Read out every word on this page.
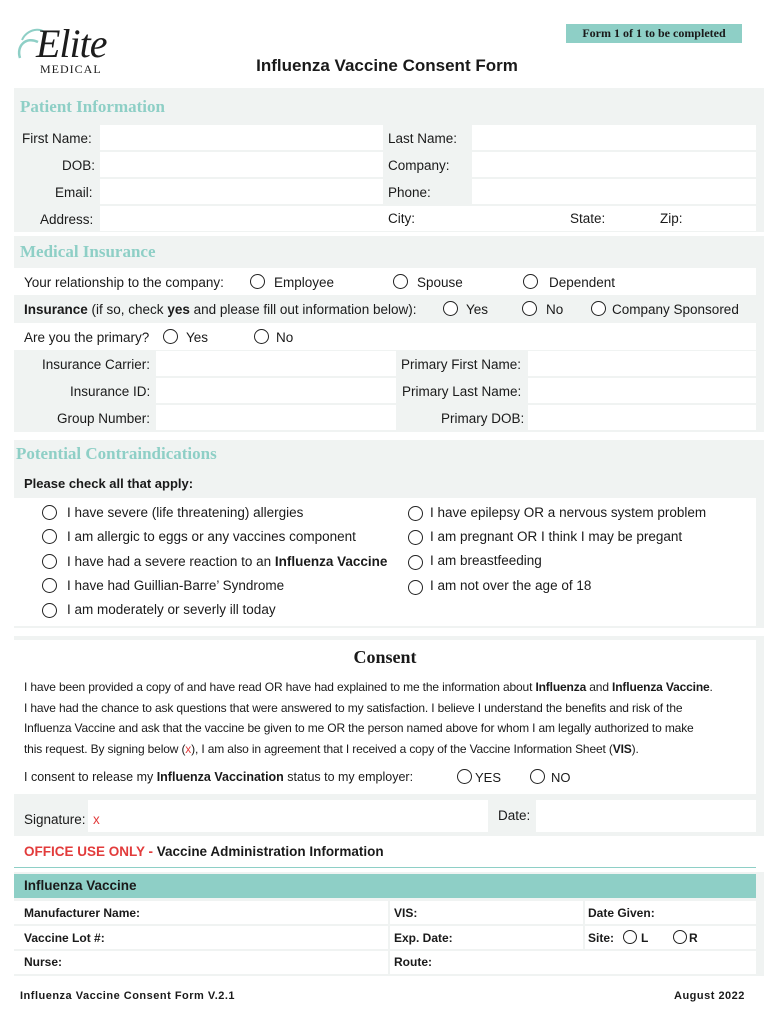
Elite
MEDICAL
Form 1 of 1 to be completed
Influenza Vaccine Consent Form
Patient Information
First Name:	Last Name:
DOB:	Company:
Email:	Phone:
Address:	City:	State:	Zip:
Medical Insurance
Your relationship to the company:	Employee	Spouse	Dependent
Insurance (if so, check yes and please fill out information below):	Yes	No	Company Sponsored
Are you the primary?	Yes	No
Insurance Carrier:	Primary First Name:
Insurance ID:	Primary Last Name:
Group Number:	Primary DOB:
Potential Contraindications
Please check all that apply:
I have severe (life threatening) allergies
I am allergic to eggs or any vaccines component
I have had a severe reaction to an Influenza Vaccine
I have had Guillian-Barre’ Syndrome
I am moderately or severly ill today
I have epilepsy OR a nervous system problem
I am pregnant OR I think I may be pregant
I am breastfeeding
I am not over the age of 18
Consent
I have been provided a copy of and have read OR have had explained to me the information about Influenza and Influenza Vaccine.
I have had the chance to ask questions that were answered to my satisfaction. I believe I understand the benefits and risk of the
Influenza Vaccine and ask that the vaccine be given to me OR the person named above for whom I am legally authorized to make
this request. By signing below (x), I am also in agreement that I received a copy of the Vaccine Information Sheet (VIS).
I consent to release my Influenza Vaccination status to my employer:	YES	NO
Signature: x	Date:
OFFICE USE ONLY - Vaccine Administration Information
Influenza Vaccine
Manufacturer Name:	VIS:	Date Given:
Vaccine Lot #:	Exp. Date:	Site: L	R
Nurse:	Route:
Influenza Vaccine Consent Form V.2.1	August 2022
